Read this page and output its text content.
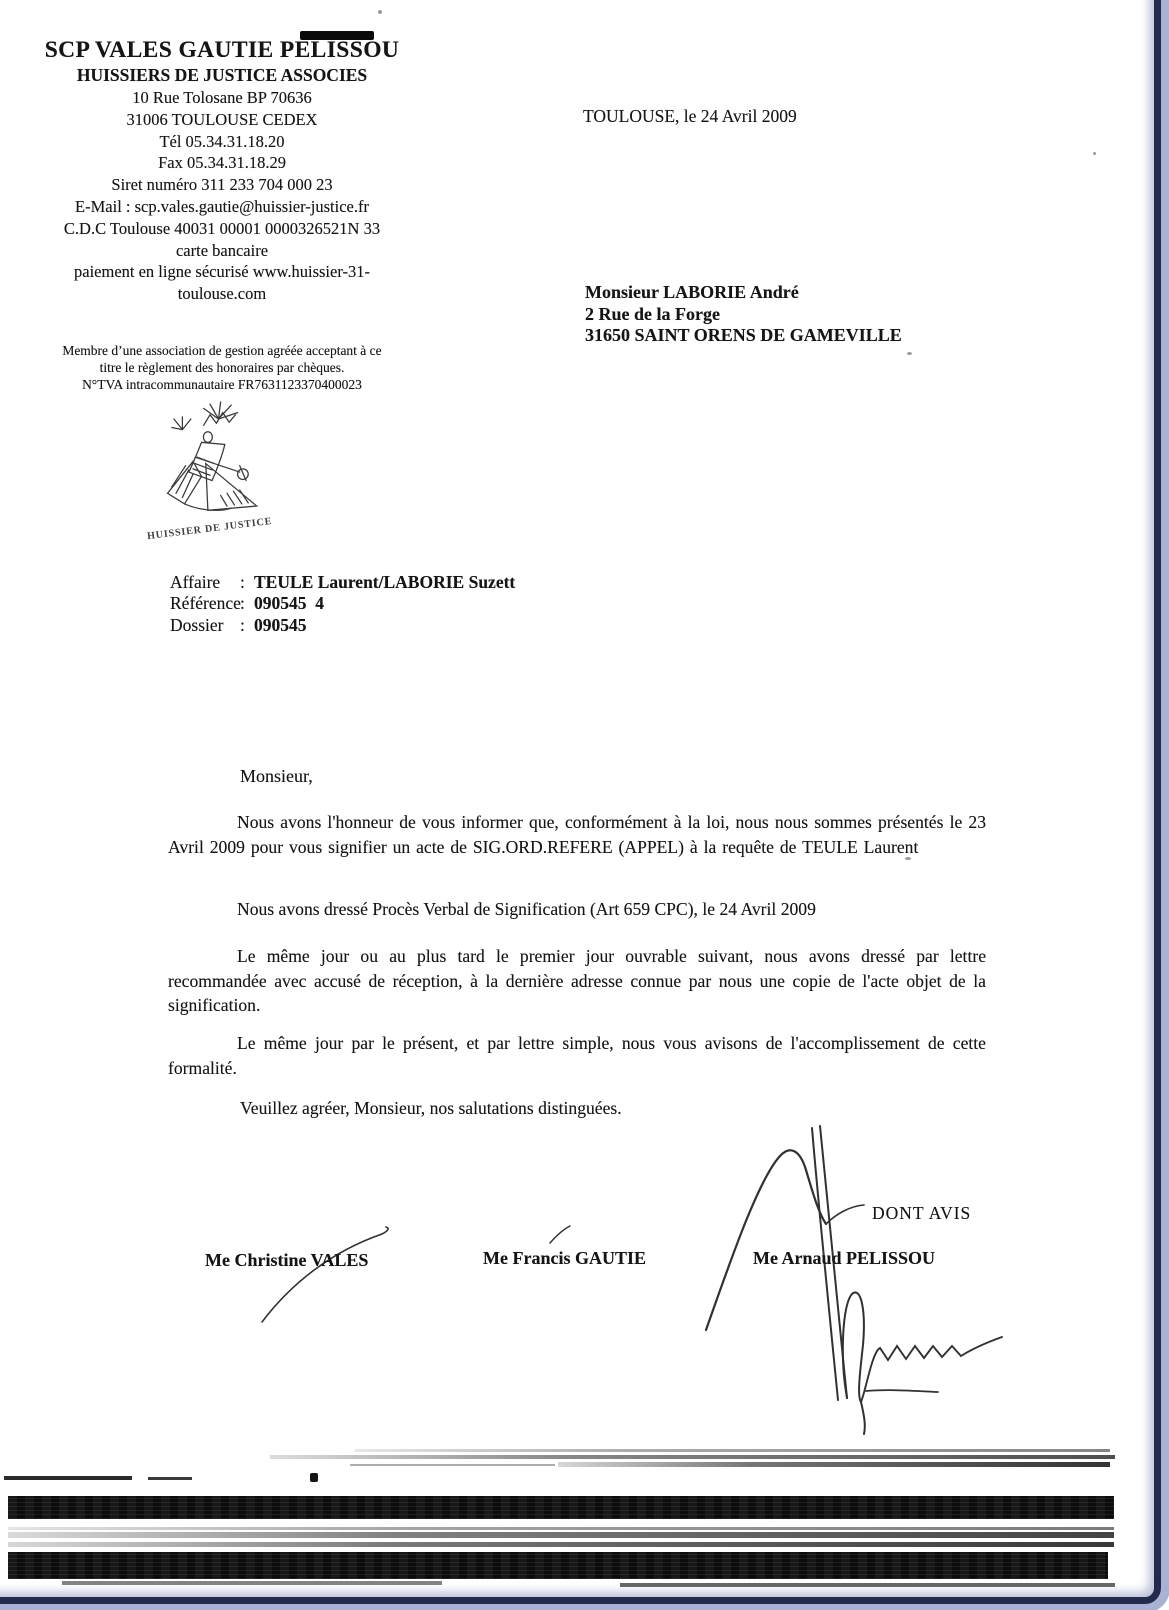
SCP VALES GAUTIE PELISSOU
HUISSIERS DE JUSTICE ASSOCIES
10 Rue Tolosane BP 70636
31006 TOULOUSE CEDEX
Tél 05.34.31.18.20
Fax 05.34.31.18.29
Siret numéro 311 233 704 000 23
E-Mail : scp.vales.gautie@huissier-justice.fr
C.D.C Toulouse 40031 00001 0000326521N 33
carte bancaire
paiement en ligne sécurisé www.huissier-31-
toulouse.com
Membre d’une association de gestion agréée acceptant à ce
titre le règlement des honoraires par chèques.
N°TVA intracommunautaire FR7631123370400023
HUISSIER DE JUSTICE
TOULOUSE, le 24 Avril 2009
Monsieur LABORIE André
2 Rue de la Forge
31650 SAINT ORENS DE GAMEVILLE
Affaire : TEULE Laurent/LABORIE Suzett
Référence: 090545  4
Dossier : 090545
Monsieur,
Nous avons l'honneur de vous informer que, conformément à la loi, nous nous sommes présentés le 23 Avril 2009 pour vous signifier un acte de SIG.ORD.REFERE (APPEL) à la requête de TEULE Laurent
Nous avons dressé Procès Verbal de Signification (Art 659 CPC), le 24 Avril 2009
Le même jour ou au plus tard le premier jour ouvrable suivant, nous avons dressé par lettre recommandée avec accusé de réception, à la dernière adresse connue par nous une copie de l'acte objet de la signification.
Le même jour par le présent, et par lettre simple, nous vous avisons de l'accomplissement de cette formalité.
Veuillez agréer, Monsieur, nos salutations distinguées.
DONT AVIS
Me Christine VALES	Me Francis GAUTIE	Me Arnaud PELISSOU
